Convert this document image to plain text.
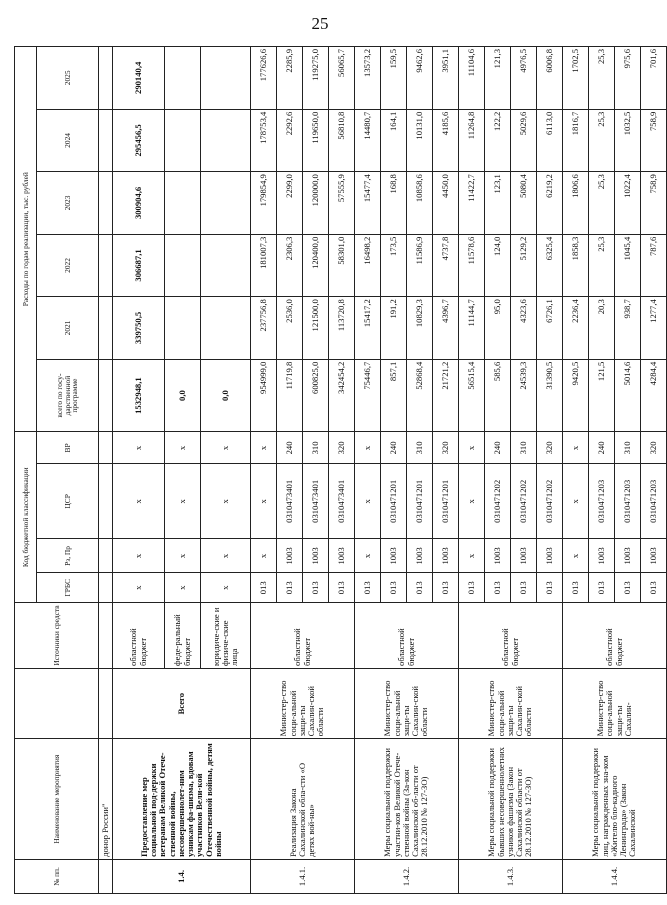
25
№ пп.	Наименование мероприятия		Источники средств	Код бюджетной классификации				Расходы по годам реализации, тыс. рублей					
				ГРБС	Рз, Пр	ЦСР	ВР	всего по госу-дарственной программе	2021	2022	2023	2024	2025
	донор России"												
1.4.	Предоставление мер социальной под-держки ветеранам Великой Отече-ственной войны, несовершеннолет-ним узникам фа-шизма, вдовам участников Вели-кой Отечественной войны, детям войны	Всего	областной бюджет	х	х	х	х	1532948,1	339750,5	306687,1	300904,6	295456,5	290140,4
			феде-ральный бюджет	х	х	х	х	0,0					
			юридиче-ские и физиче-ские лица	х	х	х	х	0,0					
1.4.1.	Реализация Закона Сахалинской обла-сти «О детях вой-ны»	Министер-ство соци-альной защи-ты Сахалин-ской области	областной бюджет	013	х	х	х	954999,0	237756,8	181007,3	179854,9	178753,4	177626,6
				013	1003	0310473401	240	11719,8	2536,0	2306,3	2299,0	2292,6	2285,9
				013	1003	0310473401	310	600825,0	121500,0	120400,0	120000,0	119650,0	119275,0
				013	1003	0310473401	320	342454,2	113720,8	58301,0	57555,9	56810,8	56065,7
1.4.2.	Меры социальной поддержки участни-ков Великой Отече-ственной войны (За-кон Сахалинской об-ласти от 28.12.2010 № 127-ЗО)	Министер-ство соци-альной защи-ты Сахалин-ской области	областной бюджет	013	х	х	х	75446,7	15417,2	16498,2	15477,4	14480,7	13573,2
				013	1003	0310471201	240	857,1	191,2	173,5	168,8	164,1	159,5
				013	1003	0310471201	310	52868,4	10829,3	11586,9	10858,6	10131,0	9462,6
				013	1003	0310471201	320	21721,2	4396,7	4737,8	4450,0	4185,6	3951,1
1.4.3.	Меры социальной поддержки бывших несовершеннолетних узников фашизма (Закон Сахалинской области от 28.12.2010 № 127-ЗО)	Министер-ство соци-альной защи-ты Сахалин-ской области	областной бюджет	013	х	х	х	56515,4	11144,7	11578,6	11422,7	11264,8	11104,6
				013	1003	0310471202	240	585,6	95,0	124,0	123,1	122,2	121,3
				013	1003	0310471202	310	24539,3	4323,6	5129,2	5080,4	5029,6	4976,5
				013	1003	0310471202	320	31390,5	6726,1	6325,4	6219,2	6113,0	6006,8
1.4.4.	Меры социальной поддержки лиц, награжденных зна-ком «Жителю бло-кадного Ленинграда» (Закон Сахалинской	Министер-ство соци-альной защи-ты Сахалин-	областной бюджет	013	х	х	х	9420,5	2236,4	1858,3	1806,6	1816,7	1702,5
				013	1003	0310471203	240	121,5	20,3	25,3	25,3	25,3	25,3
				013	1003	0310471203	310	5014,6	938,7	1045,4	1022,4	1032,5	975,6
				013	1003	0310471203	320	4284,4	1277,4	787,6	758,9	758,9	701,6
